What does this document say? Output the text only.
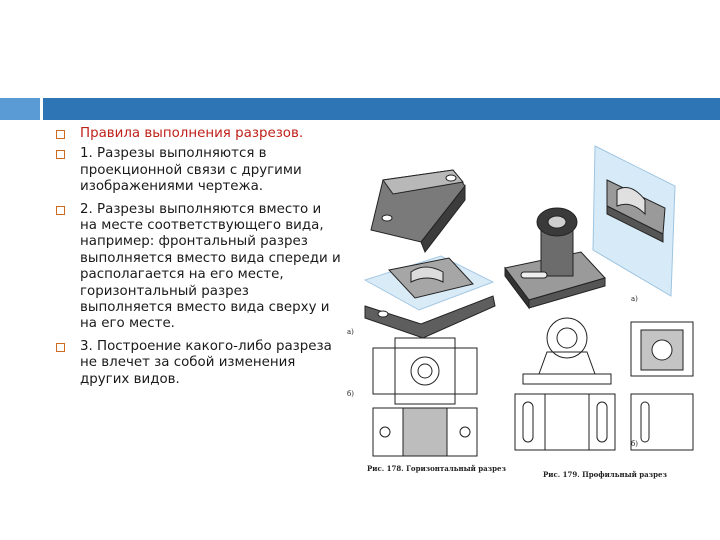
Правила выполнения разрезов.
1. Разрезы выполняются в проекционной связи с другими изображениями чертежа.
2. Разрезы выполняются вместо и на месте соответствующего вида, например: фронтальный разрез выполняется вместо вида спереди и располагается на его месте, горизонтальный разрез выполняется вместо вида сверху и на его месте.
3. Построение какого-либо разреза не влечет за собой изменения других видов.
а)
б)
а)
б)
Рис. 178. Горизонтальный разрез
Рис. 179. Профильный разрез
